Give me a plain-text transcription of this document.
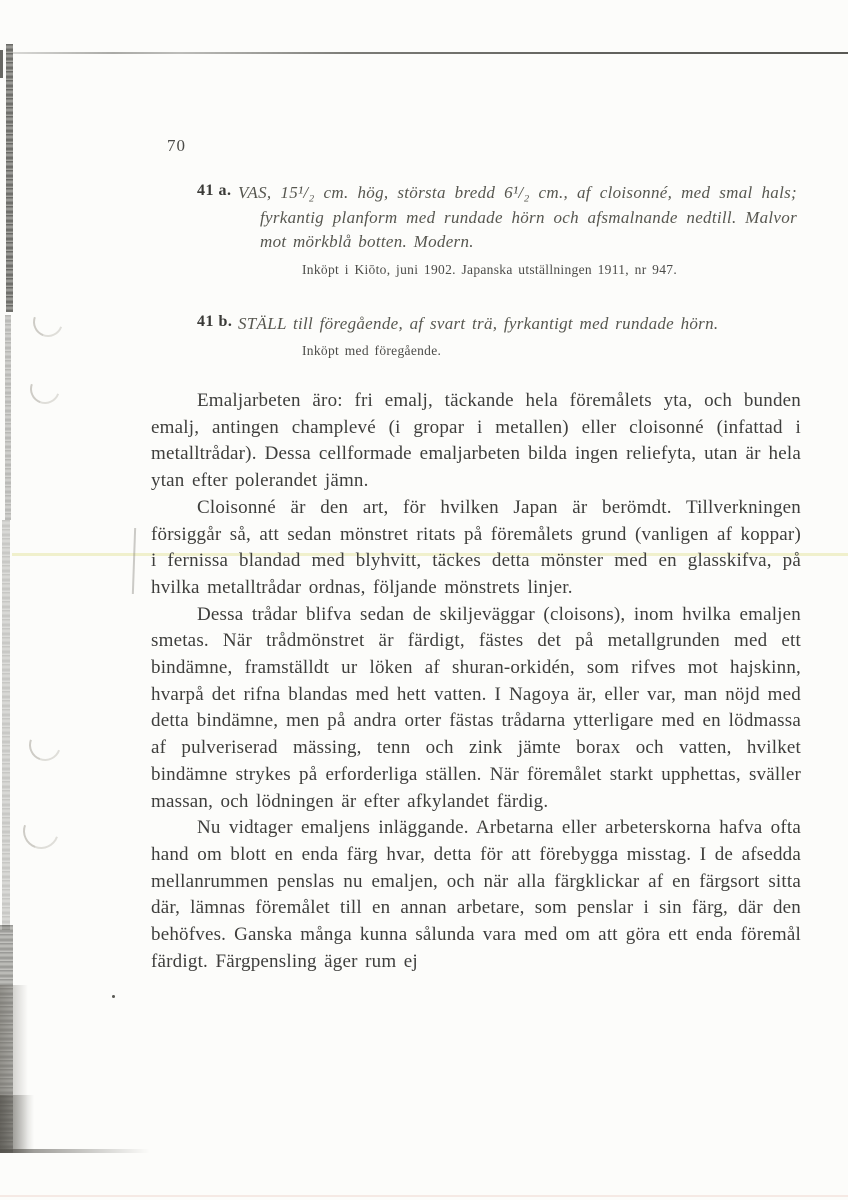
70
41 a. VAS, 15¹/₂ cm. hög, största bredd 6¹/₂ cm., af cloisonné, med smal hals; fyrkantig planform med rundade hörn och afsmalnande nedtill. Malvor mot mörkblå botten. Modern.
Inköpt i Kiōto, juni 1902. Japanska utställningen 1911, nr 947.
41 b. STÄLL till föregående, af svart trä, fyrkantigt med rundade hörn.
Inköpt med föregående.

Emaljarbeten äro: fri emalj, täckande hela föremålets yta, och bunden emalj, antingen champlevé (i gropar i metallen) eller cloisonné (infattad i metalltrådar). Dessa cellformade emaljarbeten bilda ingen reliefyta, utan är hela ytan efter polerandet jämn.

Cloisonné är den art, för hvilken Japan är berömdt. Tillverkningen försiggår så, att sedan mönstret ritats på föremålets grund (vanligen af koppar) i fernissa blandad med blyhvitt, täckes detta mönster med en glasskifva, på hvilka metalltrådar ordnas, följande mönstrets linjer.

Dessa trådar blifva sedan de skiljeväggar (cloisons), inom hvilka emaljen smetas. När trådmönstret är färdigt, fästes det på metallgrunden med ett bindämne, framställdt ur löken af shuran-orkidén, som rifves mot hajskinn, hvarpå det rifna blandas med hett vatten. I Nagoya är, eller var, man nöjd med detta bindämne, men på andra orter fästas trådarna ytterligare med en lödmassa af pulveriserad mässing, tenn och zink jämte borax och vatten, hvilket bindämne strykes på erforderliga ställen. När föremålet starkt upphettas, sväller massan, och lödningen är efter afkylandet färdig.

Nu vidtager emaljens inläggande. Arbetarna eller arbeterskorna hafva ofta hand om blott en enda färg hvar, detta för att förebygga misstag. I de afsedda mellanrummen penslas nu emaljen, och när alla färgklickar af en färgsort sitta där, lämnas föremålet till en annan arbetare, som penslar i sin färg, där den behöfves. Ganska många kunna sålunda vara med om att göra ett enda föremål färdigt. Färgpensling äger rum ej
